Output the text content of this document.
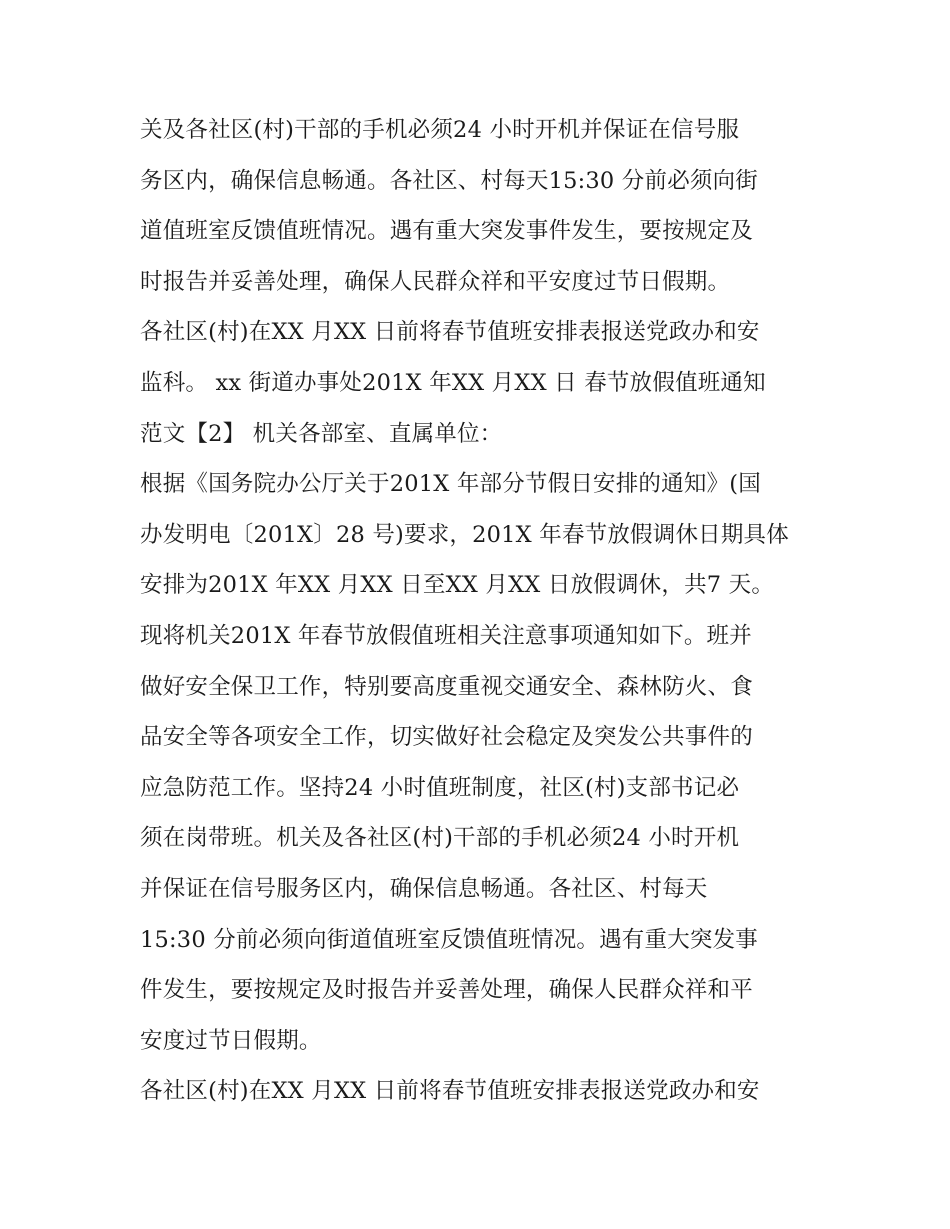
关及各社区(村)干部的手机必须24 小时开机并保证在信号服
务区内，确保信息畅通。各社区、村每天15:30 分前必须向街
道值班室反馈值班情况。遇有重大突发事件发生，要按规定及
时报告并妥善处理，确保人民群众祥和平安度过节日假期。
各社区(村)在XX 月XX 日前将春节值班安排表报送党政办和安
监科。 xx 街道办事处201X 年XX 月XX 日 春节放假值班通知
范文【2】 机关各部室、直属单位：
根据《国务院办公厅关于201X 年部分节假日安排的通知》(国
办发明电〔201X〕28 号)要求，201X 年春节放假调休日期具体
安排为201X 年XX 月XX 日至XX 月XX 日放假调休，共7 天。
现将机关201X 年春节放假值班相关注意事项通知如下。班并
做好安全保卫工作，特别要高度重视交通安全、森林防火、食
品安全等各项安全工作，切实做好社会稳定及突发公共事件的
应急防范工作。坚持24 小时值班制度，社区(村)支部书记必
须在岗带班。机关及各社区(村)干部的手机必须24 小时开机
并保证在信号服务区内，确保信息畅通。各社区、村每天
15:30 分前必须向街道值班室反馈值班情况。遇有重大突发事
件发生，要按规定及时报告并妥善处理，确保人民群众祥和平
安度过节日假期。
各社区(村)在XX 月XX 日前将春节值班安排表报送党政办和安
